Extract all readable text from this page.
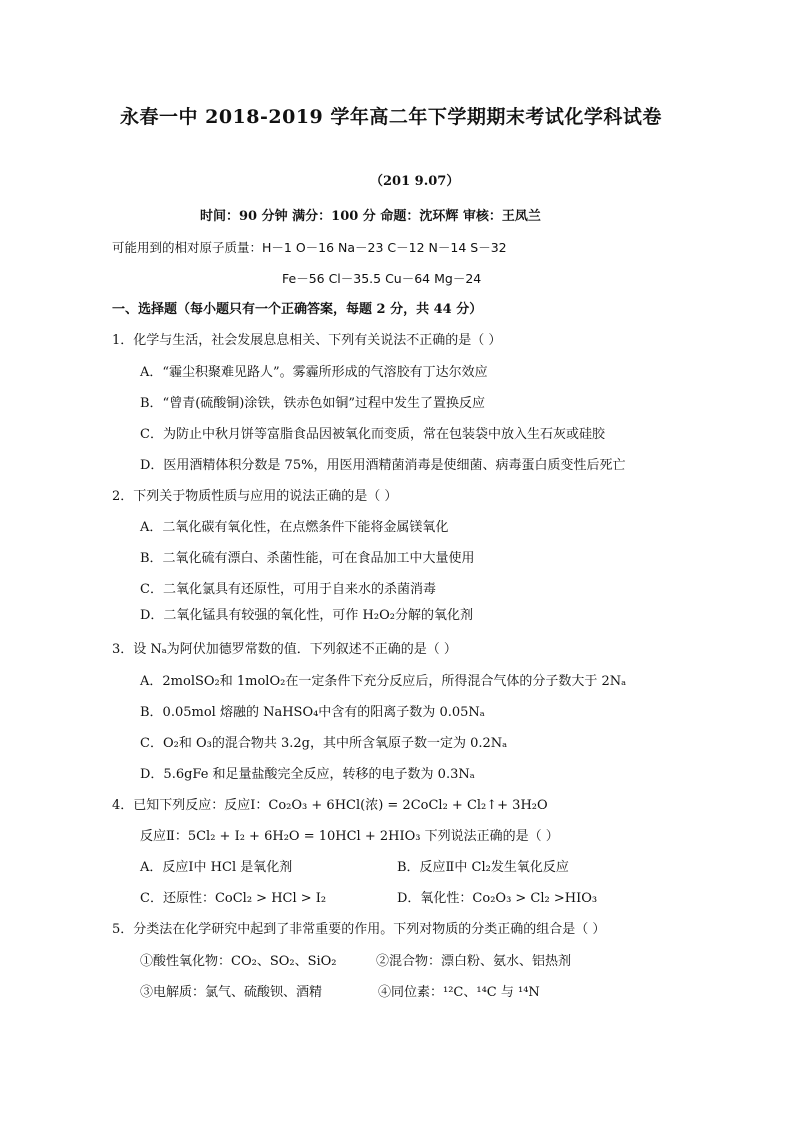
永春一中 2018-2019 学年高二年下学期期末考试化学科试卷
（201 9.07）
时间：90 分钟 满分：100 分 命题：沈环辉 审核：王凤兰
可能用到的相对原子质量：H－1 O－16 Na－23 C－12 N－14 S－32
Fe－56 Cl－35.5 Cu－64 Mg－24
一、选择题（每小题只有一个正确答案，每题 2 分，共 44 分）
1．化学与生活，社会发展息息相关、下列有关说法不正确的是（ ）
A．“霾尘积聚难见路人”。雾霾所形成的气溶胶有丁达尔效应
B．“曾青(硫酸铜)涂铁，铁赤色如铜”过程中发生了置换反应
C．为防止中秋月饼等富脂食品因被氧化而变质，常在包装袋中放入生石灰或硅胶
D．医用酒精体积分数是 75%，用医用酒精菌消毒是使细菌、病毒蛋白质变性后死亡
2．下列关于物质性质与应用的说法正确的是（ ）
A．二氧化碳有氧化性，在点燃条件下能将金属镁氧化
B．二氧化硫有漂白、杀菌性能，可在食品加工中大量使用
C．二氧化氯具有还原性，可用于自来水的杀菌消毒
D．二氧化锰具有较强的氧化性，可作 H₂O₂分解的氧化剂
3．设 Nₐ为阿伏加德罗常数的值．下列叙述不正确的是（ ）
A．2molSO₂和 1molO₂在一定条件下充分反应后，所得混合气体的分子数大于 2Nₐ
B．0.05mol 熔融的 NaHSO₄中含有的阳离子数为 0.05Nₐ
C．O₂和 O₃的混合物共 3.2g，其中所含氧原子数一定为 0.2Nₐ
D．5.6gFe 和足量盐酸完全反应，转移的电子数为 0.3Nₐ
4．已知下列反应：反应Ⅰ：Co₂O₃ + 6HCl(浓) = 2CoCl₂ + Cl₂↑+ 3H₂O
反应Ⅱ：5Cl₂ + I₂ + 6H₂O = 10HCl + 2HIO₃ 下列说法正确的是（ ）
A．反应Ⅰ中 HCl 是氧化剂	B．反应Ⅱ中 Cl₂发生氧化反应
C．还原性：CoCl₂ > HCl > I₂	D．氧化性：Co₂O₃ > Cl₂ >HIO₃
5．分类法在化学研究中起到了非常重要的作用。下列对物质的分类正确的组合是（ ）
①酸性氧化物：CO₂、SO₂、SiO₂	②混合物：漂白粉、氨水、铝热剂
③电解质：氯气、硫酸钡、酒精	④同位素：¹²C、¹⁴C 与 ¹⁴N
